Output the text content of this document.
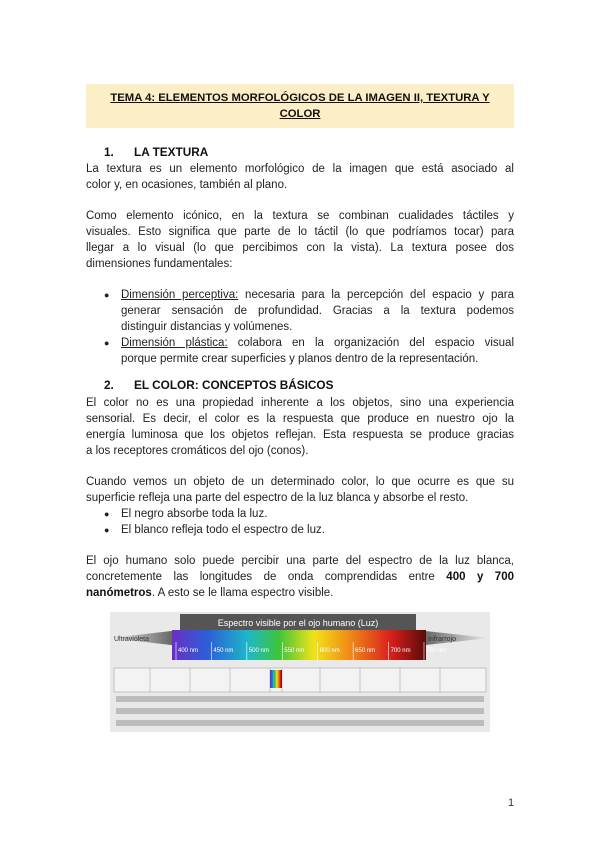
TEMA 4: ELEMENTOS MORFOLÓGICOS DE LA IMAGEN II, TEXTURA Y
COLOR
1. LA TEXTURA
La textura es un elemento morfológico de la imagen que está asociado al
color y, en ocasiones, también al plano.
Como elemento icónico, en la textura se combinan cualidades táctiles y
visuales. Esto significa que parte de lo táctil (lo que podríamos tocar) para
llegar a lo visual (lo que percibimos con la vista). La textura posee dos
dimensiones fundamentales:
● Dimensión perceptiva: necesaria para la percepción del espacio y para
generar sensación de profundidad. Gracias a la textura podemos
distinguir distancias y volúmenes.
● Dimensión plástica: colabora en la organización del espacio visual
porque permite crear superficies y planos dentro de la representación.
2. EL COLOR: CONCEPTOS BÁSICOS
El color no es una propiedad inherente a los objetos, sino una experiencia
sensorial. Es decir, el color es la respuesta que produce en nuestro ojo la
energía luminosa que los objetos reflejan. Esta respuesta se produce gracias
a los receptores cromáticos del ojo (conos).
Cuando vemos un objeto de un determinado color, lo que ocurre es que su
superficie refleja una parte del espectro de la luz blanca y absorbe el resto.
● El negro absorbe toda la luz.
● El blanco refleja todo el espectro de luz.
El ojo humano solo puede percibir una parte del espectro de la luz blanca,
concretemente las longitudes de onda comprendidas entre 400 y 700
nanómetros. A esto se le llama espectro visible.
Espectro visible por el ojo humano (Luz)
Ultravioleta	Infrarrojo
400 nm	450 nm	500 nm	550 nm	600 nm	650 nm	700 nm	750 nm
1
